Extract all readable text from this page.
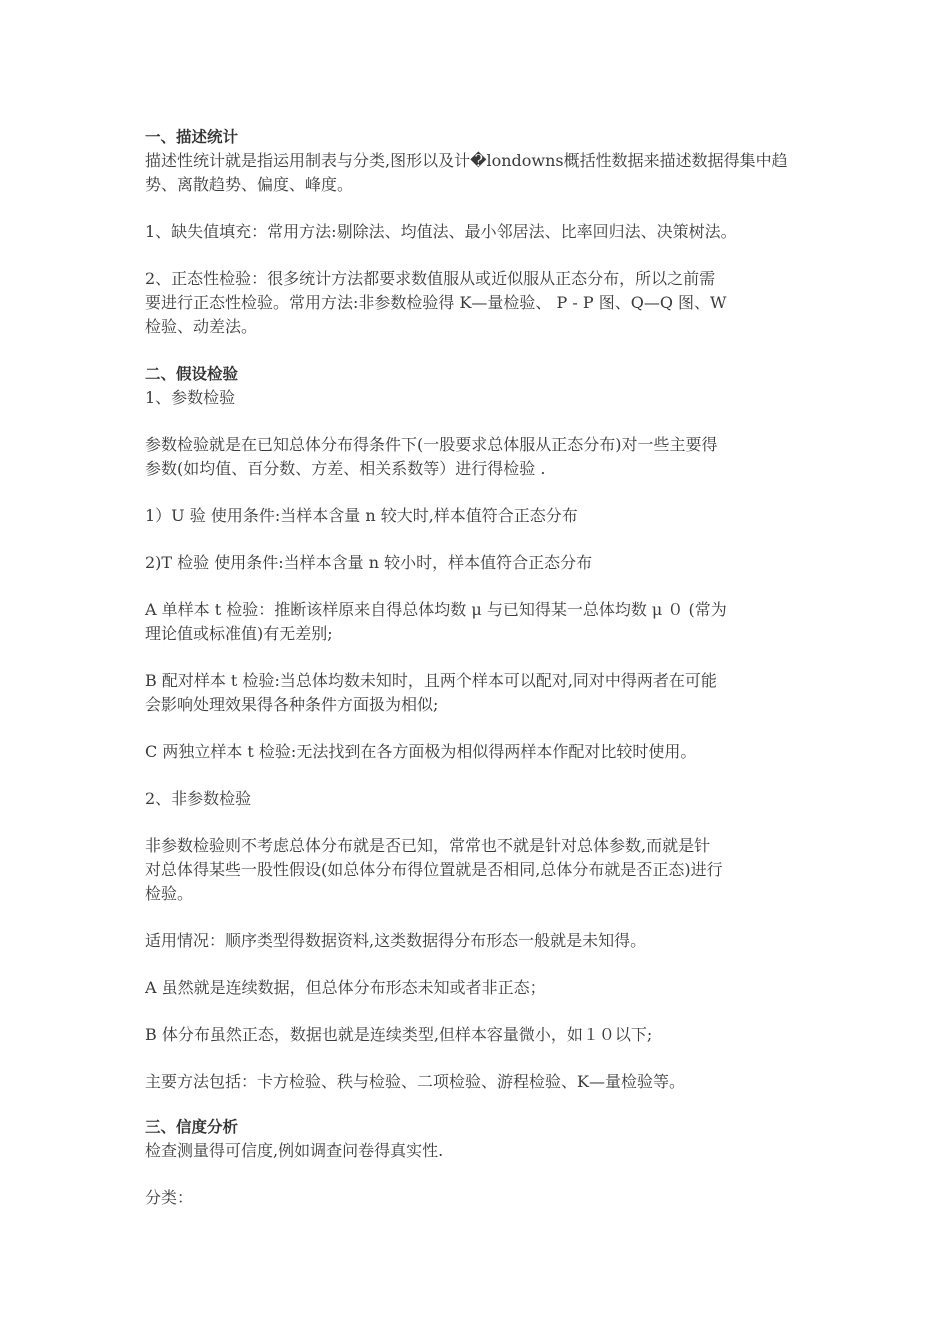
一、描述统计
描述性统计就是指运用制表与分类,图形以及计�londowns概括性数据来描述数据得集中趋
势、离散趋势、偏度、峰度。
1、缺失值填充：常用方法:剔除法、均值法、最小邻居法、比率回归法、决策树法。
2、正态性检验：很多统计方法都要求数值服从或近似服从正态分布，所以之前需
要进行正态性检验。常用方法:非参数检验得 K—量检验、 P - P 图、Q—Q 图、W
检验、动差法。
二、假设检验
1、参数检验
参数检验就是在已知总体分布得条件下(一股要求总体服从正态分布)对一些主要得
参数(如均值、百分数、方差、相关系数等）进行得检验 .
1）U 验 使用条件:当样本含量 n 较大时,样本值符合正态分布
2)T 检验 使用条件:当样本含量 n 较小时，样本值符合正态分布
A 单样本 t 检验：推断该样原来自得总体均数 μ 与已知得某一总体均数 μ ０ (常为
理论值或标准值)有无差别;
B 配对样本 t 检验:当总体均数未知时，且两个样本可以配对,同对中得两者在可能
会影响处理效果得各种条件方面扱为相似;
C 两独立样本 t 检验:无法找到在各方面极为相似得两样本作配对比较时使用。
2、非参数检验
非参数检验则不考虑总体分布就是否已知，常常也不就是针对总体参数,而就是针
对总体得某些一股性假设(如总体分布得位置就是否相同,总体分布就是否正态)进行
检验。
适用情况：顺序类型得数据资料,这类数据得分布形态一般就是未知得。
A 虽然就是连续数据，但总体分布形态未知或者非正态；
B 体分布虽然正态，数据也就是连续类型,但样本容量微小，如１０以下;
主要方法包括：卡方检验、秩与检验、二项检验、游程检验、K—量检验等。
三、信度分析
检查测量得可信度,例如调查问卷得真实性.
分类：
